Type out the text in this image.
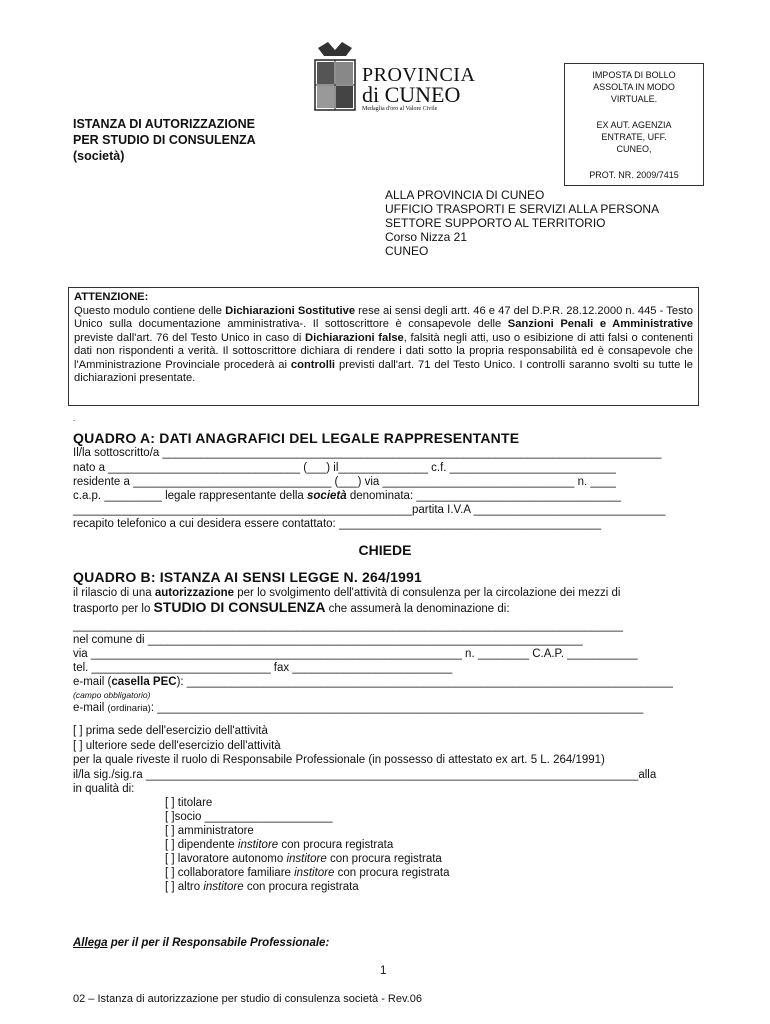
PROVINCIA
di CUNEO
Medaglia d'oro al Valore Civile
ISTANZA DI AUTORIZZAZIONE
PER STUDIO DI CONSULENZA
(società)
IMPOSTA DI BOLLO
ASSOLTA IN MODO
VIRTUALE.
EX AUT. AGENZIA
ENTRATE, UFF.
CUNEO,
PROT. NR. 2009/7415
ALLA PROVINCIA DI CUNEO
UFFICIO TRASPORTI E SERVIZI ALLA PERSONA
SETTORE SUPPORTO AL TERRITORIO
Corso Nizza 21
CUNEO
ATTENZIONE:
Questo modulo contiene delle Dichiarazioni Sostitutive rese ai sensi degli artt. 46 e 47 del D.P.R. 28.12.2000 n. 445 - Testo Unico sulla documentazione amministrativa-. Il sottoscrittore è consapevole delle Sanzioni Penali e Amministrative previste dall'art. 76 del Testo Unico in caso di Dichiarazioni false, falsità negli atti, uso o esibizione di atti falsi o contenenti dati non rispondenti a verità. Il sottoscrittore dichiara di rendere i dati sotto la propria responsabilità ed è consapevole che l'Amministrazione Provinciale procederà ai controlli previsti dall'art. 71 del Testo Unico. I controlli saranno svolti su tutte le dichiarazioni presentate.
.
QUADRO A: DATI ANAGRAFICI DEL LEGALE RAPPRESENTANTE
Il/la sottoscritto/a ______________________________________________________________________________
nato a ______________________________ (___) il______________ c.f. __________________________
residente a _______________________________ (___) via ______________________________ n. ____
c.a.p. _________ legale rappresentante della società denominata: ________________________________
_____________________________________________________partita I.V.A ______________________________
recapito telefonico a cui desidera essere contattato: _________________________________________
CHIEDE
QUADRO B: ISTANZA AI SENSI LEGGE N. 264/1991
il rilascio di una autorizzazione per lo svolgimento dell'attività di consulenza per la circolazione dei mezzi di
trasporto per lo STUDIO DI CONSULENZA che assumerà la denominazione di:
______________________________________________________________________________________
nel comune di ____________________________________________________________________
via __________________________________________________________ n. ________ C.A.P. ___________
tel. ____________________________ fax _________________________
e-mail (casella PEC): ____________________________________________________________________________
(campo obbligatorio)
e-mail (ordinaria): ____________________________________________________________________________
[ ] prima sede dell'esercizio dell'attività
[ ] ulteriore sede dell'esercizio dell'attività
per la quale riveste il ruolo di Responsabile Professionale (in possesso di attestato ex art. 5 L. 264/1991)
il/la sig./sig.ra _____________________________________________________________________________alla
in qualità di:
[ ] titolare
[ ]socio ____________________
[ ] amministratore
[ ] dipendente institore con procura registrata
[ ] lavoratore autonomo institore con procura registrata
[ ] collaboratore familiare institore con procura registrata
[ ] altro institore con procura registrata
Allega per il per il Responsabile Professionale:
1
02 – Istanza di autorizzazione per studio di consulenza società - Rev.06
